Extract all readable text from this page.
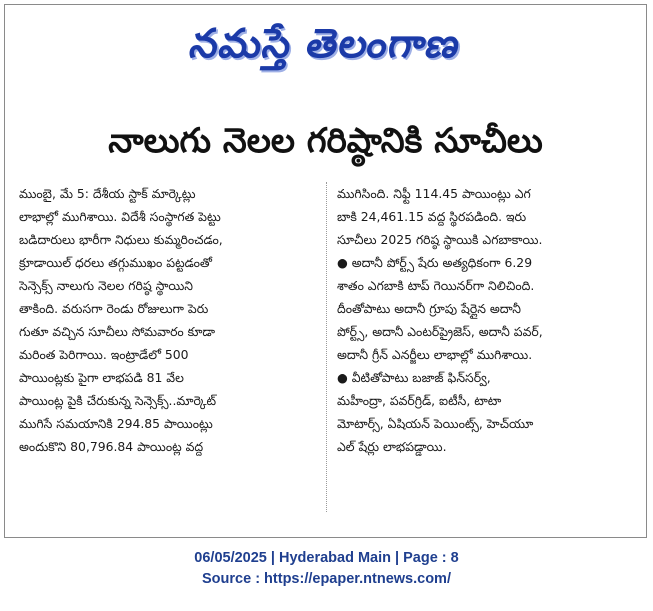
నమస్తే తెలంగాణ
నాలుగు నెలల గరిష్ఠానికి సూచీలు

ముంబై, మే 5: దేశీయ స్టాక్ మార్కెట్లు

లాభాల్లో ముగిశాయి. విదేశీ సంస్థాగత పెట్టు

బడిదారులు భారీగా నిధులు కుమ్మరించడం,

క్రూడాయిల్ ధరలు తగ్గుముఖం పట్టడంతో

సెన్సెక్స్ నాలుగు నెలల గరిష్ఠ స్థాయిని

తాకింది. వరుసగా రెండు రోజులుగా పెరు

గుతూ వచ్చిన సూచీలు సోమవారం కూడా

మరింత పెరిగాయి. ఇంట్రాడేలో 500

పాయింట్లకు పైగా లాభపడి 81 వేల

పాయింట్ల పైకి చేరుకున్న సెన్సెక్స్..మార్కెట్

ముగిసే సమయానికి 294.85 పాయింట్లు

అందుకొని 80,796.84 పాయింట్ల వద్ద

ముగిసింది. నిఫ్టీ 114.45 పాయింట్లు ఎగ

బాకి 24,461.15 వద్ద స్థిరపడింది. ఇరు

సూచీలు 2025 గరిష్ఠ స్థాయికి ఎగబాకాయి.

● అదానీ పోర్ట్స్ షేరు అత్యధికంగా 6.29

శాతం ఎగబాకి టాప్ గెయినర్‌గా నిలిచింది.

దీంతోపాటు అదానీ గ్రూపు షేర్లైన అదానీ

పోర్ట్స్, అదానీ ఎంటర్‌ప్రైజెస్, అదానీ పవర్,

అదానీ గ్రీన్ ఎనర్జీలు లాభాల్లో ముగిశాయి.

● వీటితోపాటు బజాజ్ ఫిన్‌సర్వ్,

మహీంద్రా, పవర్‌గ్రిడ్, ఐటీసీ, టాటా

మోటార్స్, ఏషియన్ పెయింట్స్, హెచ్‌యూ

ఎల్ షేర్లు లాభపడ్డాయి.

06/05/2025 | Hyderabad Main | Page : 8
Source : https://epaper.ntnews.com/
